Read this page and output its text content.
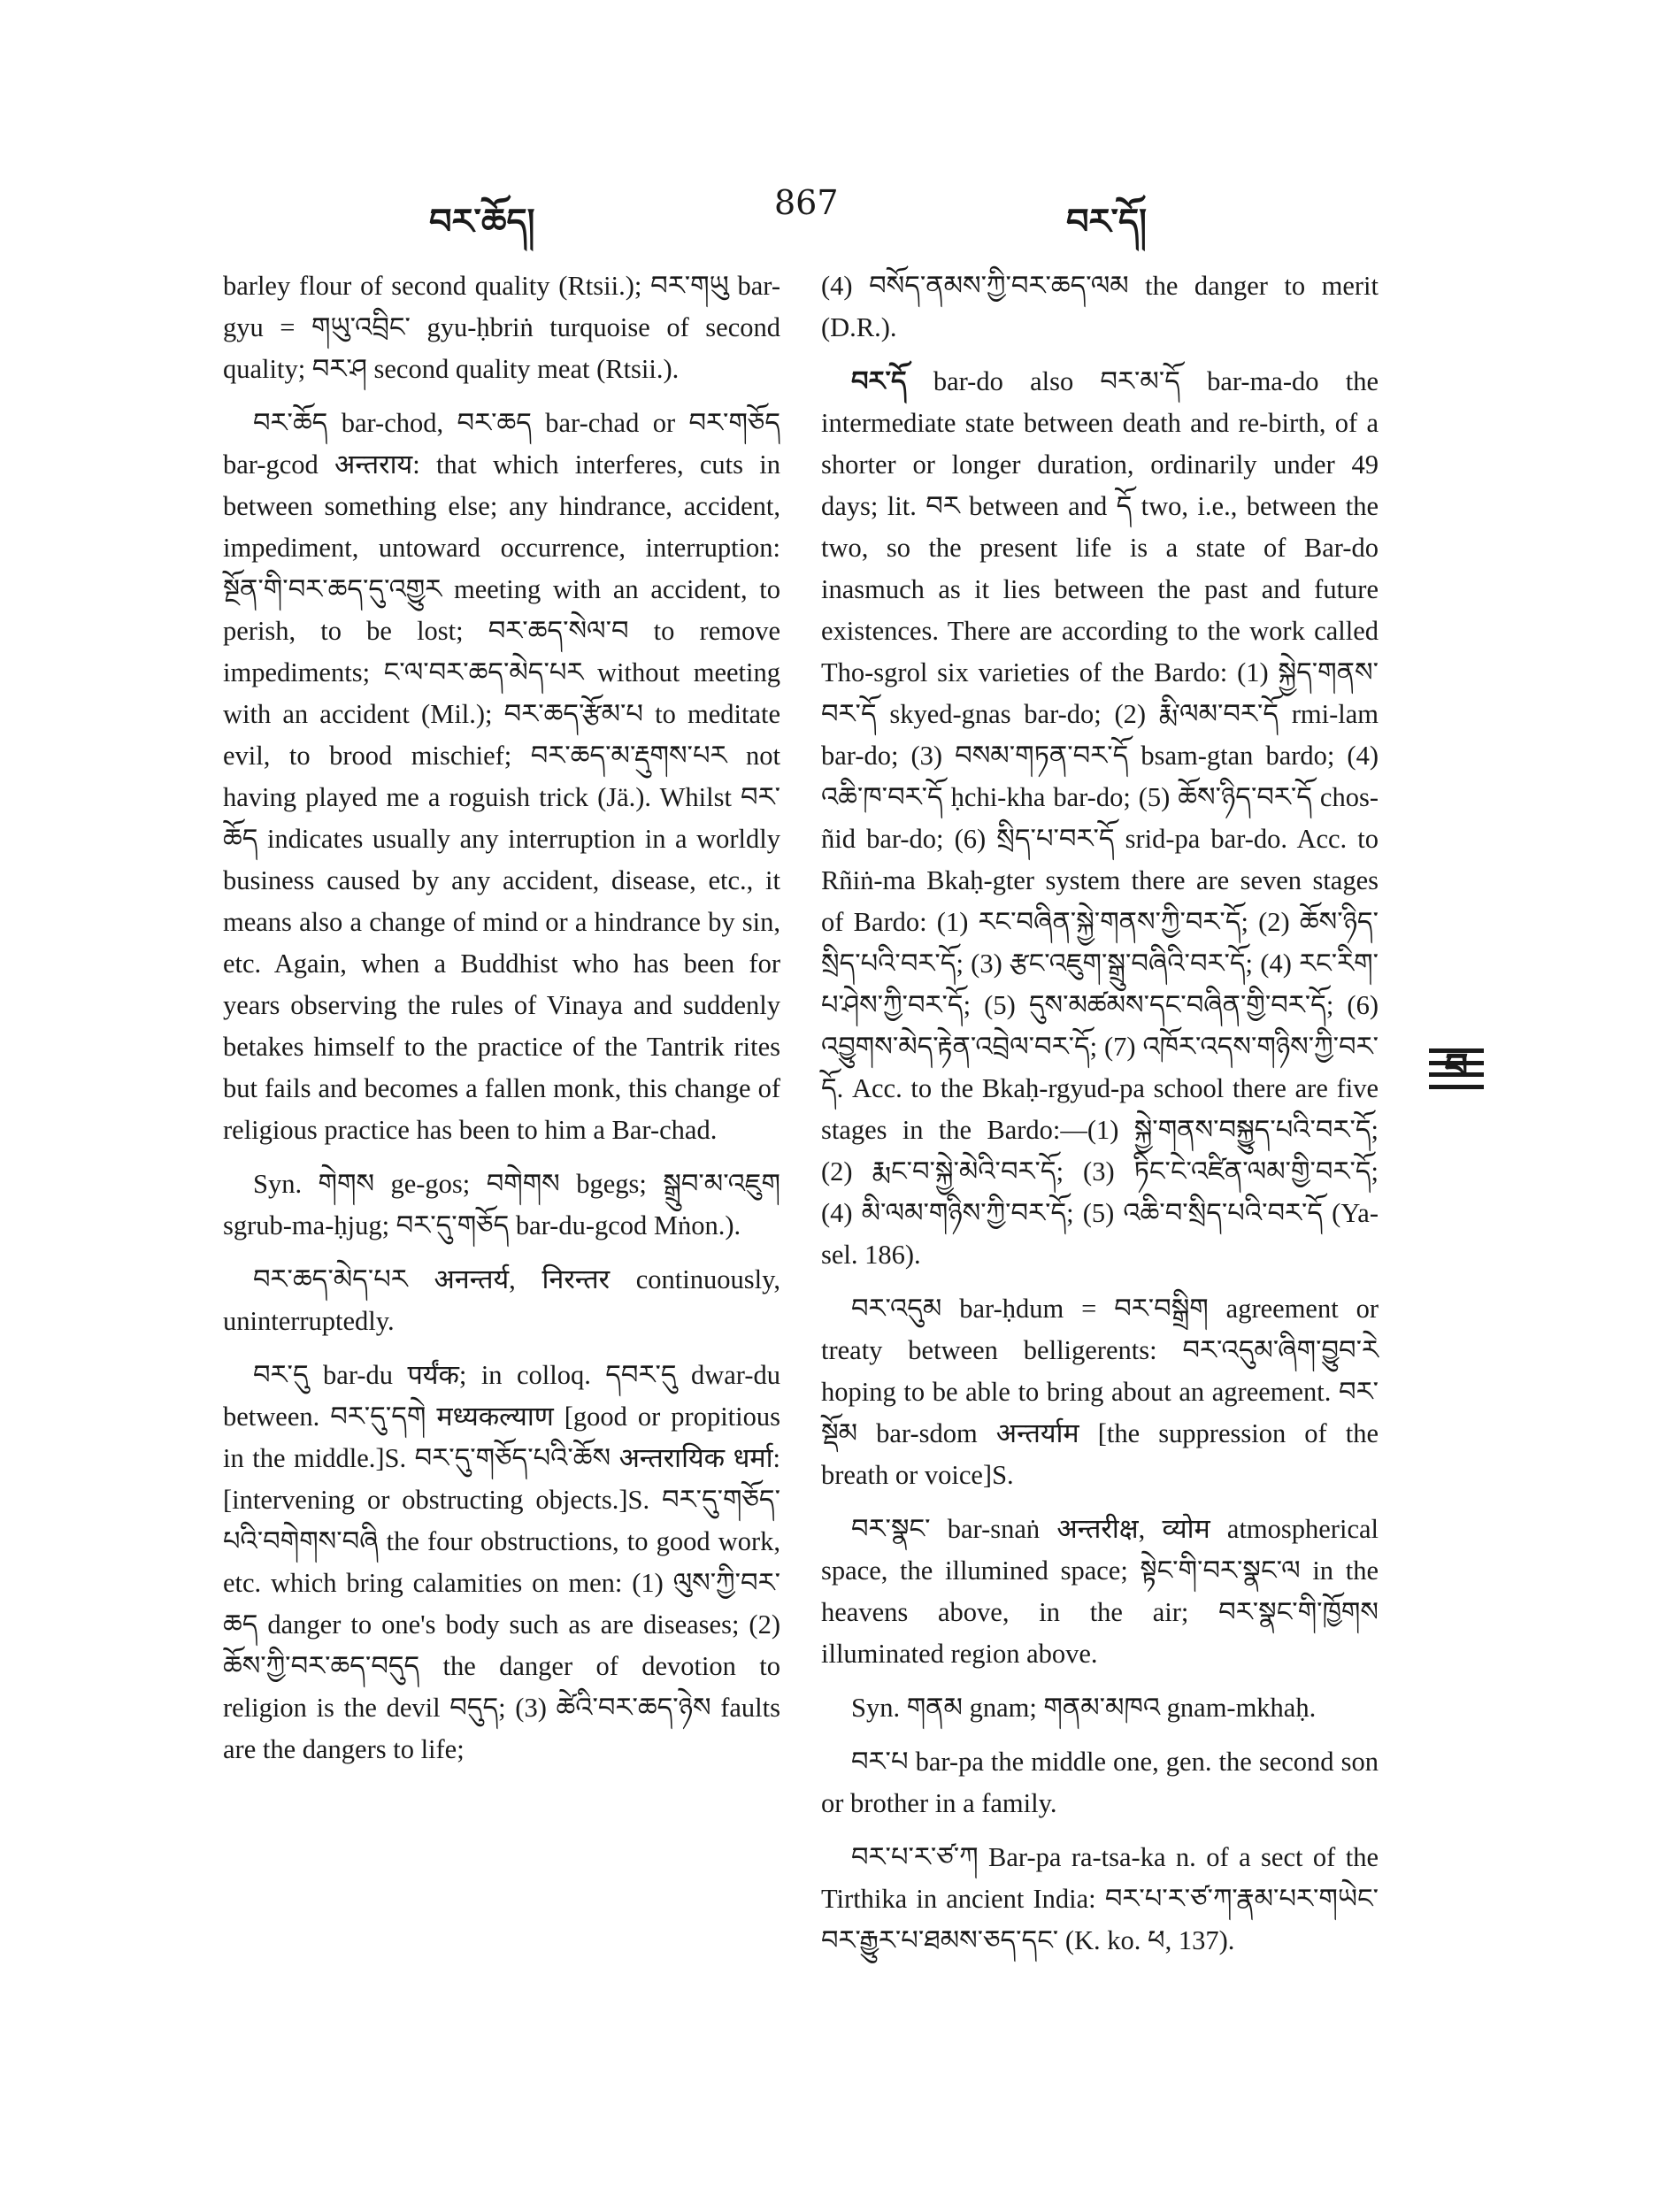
བར་ཆོད།	867	བར་དོ།

barley flour of second quality (Rtsii.); བར་གཡུ bar-gyu = གཡུ་འབྲིང་ gyu-ḥbriṅ turquoise of second quality; བར་ཤ second quality meat (Rtsii.).

བར་ཆོད bar-chod, བར་ཆད bar-chad or བར་གཅོད bar-gcod अन्तराय: that which interferes, cuts in between something else; any hindrance, accident, impediment, untoward occurrence, interruption: སྔོན་གི་བར་ཆད་དུ་འགྱུར meeting with an accident, to perish, to be lost; བར་ཆད་སེལ་བ to remove impediments; ང་ལ་བར་ཆད་མེད་པར without meeting with an accident (Mil.); བར་ཆད་རྩོམ་པ to meditate evil, to brood mischief; བར་ཆད་མ་རྡུགས་པར not having played me a roguish trick (Jä.). Whilst བར་ཆོད indicates usually any interruption in a worldly business caused by any accident, disease, etc., it means also a change of mind or a hindrance by sin, etc. Again, when a Buddhist who has been for years observing the rules of Vinaya and suddenly betakes himself to the practice of the Tantrik rites but fails and becomes a fallen monk, this change of religious practice has been to him a Bar-chad.

Syn. གེགས ge-gos; བགེགས bgegs; སྒྲུབ་མ་འཇུག sgrub-ma-ḥjug; བར་དུ་གཅོད bar-du-gcod Mṅon.).

བར་ཆད་མེད་པར अनन्तर्य, निरन्तर continuously, uninterruptedly.

བར་དུ bar-du पर्यंक; in colloq. དབར་དུ dwar-du between. བར་དུ་དགེ मध्यकल्याण [good or propitious in the middle.]S. བར་དུ་གཅོད་པའི་ཆོས अन्तरायिक धर्मा: [intervening or obstructing objects.]S. བར་དུ་གཅོད་པའི་བགེགས་བཞི the four obstructions, to good work, etc. which bring calamities on men: (1) ལུས་ཀྱི་བར་ཆད danger to one's body such as are diseases; (2) ཆོས་ཀྱི་བར་ཆད་བདུད the danger of devotion to religion is the devil བདུད; (3) ཚེའི་བར་ཆད་ཉེས faults are the dangers to life;

(4) བསོད་ནམས་ཀྱི་བར་ཆད་ལམ the danger to merit (D.R.).

བར་དོ bar-do also བར་མ་དོ bar-ma-do the intermediate state between death and re-birth, of a shorter or longer duration, ordinarily under 49 days; lit. བར between and དོ two, i.e., between the two, so the present life is a state of Bar-do inasmuch as it lies between the past and future existences. There are according to the work called Tho-sgrol six varieties of the Bardo: (1) སྐྱེད་གནས་བར་དོ skyed-gnas bar-do; (2) རྨི་ལམ་བར་དོ rmi-lam bar-do; (3) བསམ་གཏན་བར་དོ bsam-gtan bardo; (4) འཆི་ཁ་བར་དོ ḥchi-kha bar-do; (5) ཆོས་ཉིད་བར་དོ chos-ñid bar-do; (6) སྲིད་པ་བར་དོ srid-pa bar-do. Acc. to Rñiṅ-ma Bkaḥ-gter system there are seven stages of Bardo: (1) རང་བཞིན་སྐྱེ་གནས་ཀྱི་བར་དོ; (2) ཆོས་ཉིད་སྲིད་པའི་བར་དོ; (3) རྩང་འཇུག་སྒྲུ་བཞིའི་བར་དོ; (4) རང་རིག་པ་ཤེས་ཀྱི་བར་དོ; (5) དུས་མཚམས་དང་བཞིན་གྱི་བར་དོ; (6) འབྱུགས་མེད་རྟེན་འབྲེལ་བར་དོ; (7) འཁོར་འདས་གཉིས་ཀྱི་བར་དོ. Acc. to the Bkaḥ-rgyud-pa school there are five stages in the Bardo:—(1) སྐྱེ་གནས་བསྐྱུད་པའི་བར་དོ; (2) རྨང་བ་སྐྱེ་མེའི་བར་དོ; (3) ཏིང་ངེ་འཛིན་ལམ་གྱི་བར་དོ; (4) མི་ལམ་གཉིས་ཀྱི་བར་དོ; (5) འཆི་བ་སྲིད་པའི་བར་དོ (Ya-sel. 186).

བར་འདུམ bar-ḥdum = བར་བསྒྲིག agreement or treaty between belligerents: བར་འདུམ་ཞིག་བྱུབ་རེ hoping to be able to bring about an agreement. བར་སྡོམ bar-sdom अन्तर्याम [the suppression of the breath or voice]S.

བར་སྣང་ bar-snaṅ अन्तरीक्ष, व्योम atmospherical space, the illumined space; སྟེང་གི་བར་སྣང་ལ in the heavens above, in the air; བར་སྣང་གི་ཁྱོགས illuminated region above.

Syn. གནམ gnam; གནམ་མཁའ gnam-mkhaḥ.

བར་པ bar-pa the middle one, gen. the second son or brother in a family.

བར་པ་ར་ཙ་ཀ Bar-pa ra-tsa-ka n. of a sect of the Tirthika in ancient India: བར་པ་ར་ཙ་ཀ་རྣམ་པར་གཡེང་བར་རྒྱུར་པ་ཐམས་ཅད་དང་ (K. ko. ཕ, 137).

བ
